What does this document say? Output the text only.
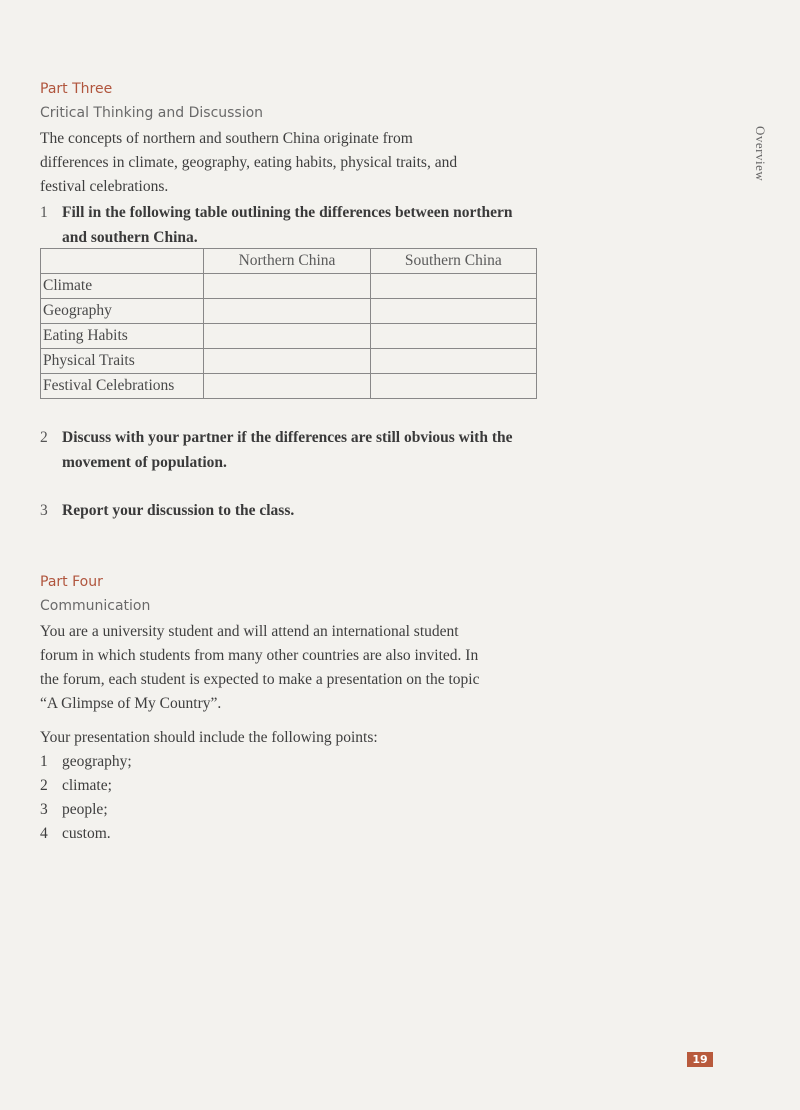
Part Three
Critical Thinking and Discussion
The concepts of northern and southern China originate from
differences in climate, geography, eating habits, physical traits, and
festival celebrations.
1 Fill in the following table outlining the differences between northern
and southern China.
	Northern China	Southern China
Climate		
Geography		
Eating Habits		
Physical Traits		
Festival Celebrations		
2 Discuss with your partner if the differences are still obvious with the
movement of population.
3 Report your discussion to the class.
Part Four
Communication
You are a university student and will attend an international student
forum in which students from many other countries are also invited. In
the forum, each student is expected to make a presentation on the topic
“A Glimpse of My Country”.
Your presentation should include the following points:
1 geography;
2 climate;
3 people;
4 custom.
Overview
19
